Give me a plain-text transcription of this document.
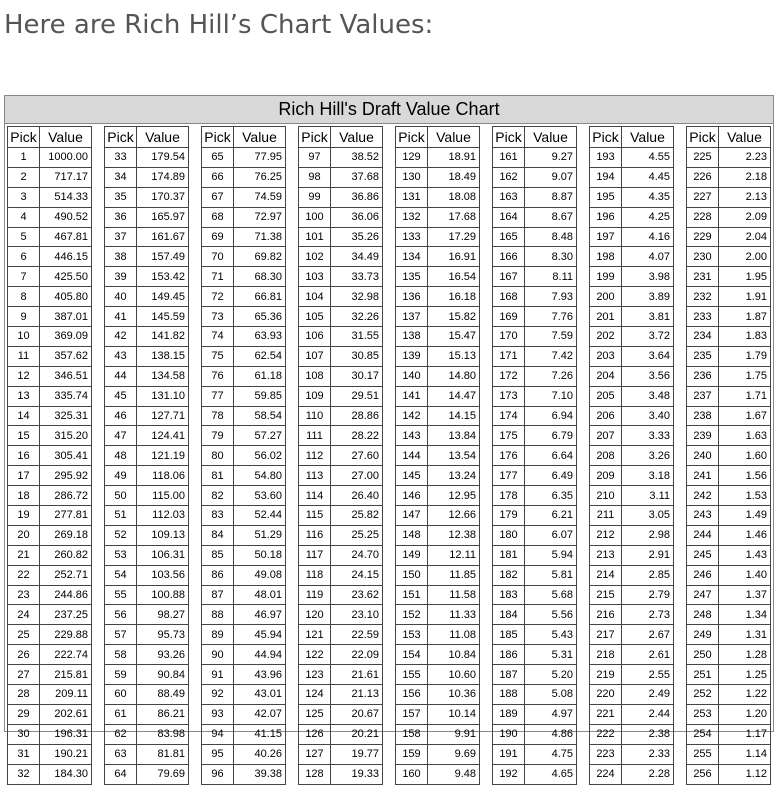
Here are Rich Hill’s Chart Values:
Rich Hill's Draft Value Chart
Pick	Value
1	1000.00
2	717.17
3	514.33
4	490.52
5	467.81
6	446.15
7	425.50
8	405.80
9	387.01
10	369.09
11	357.62
12	346.51
13	335.74
14	325.31
15	315.20
16	305.41
17	295.92
18	286.72
19	277.81
20	269.18
21	260.82
22	252.71
23	244.86
24	237.25
25	229.88
26	222.74
27	215.81
28	209.11
29	202.61
30	196.31
31	190.21
32	184.30
Pick	Value
33	179.54
34	174.89
35	170.37
36	165.97
37	161.67
38	157.49
39	153.42
40	149.45
41	145.59
42	141.82
43	138.15
44	134.58
45	131.10
46	127.71
47	124.41
48	121.19
49	118.06
50	115.00
51	112.03
52	109.13
53	106.31
54	103.56
55	100.88
56	98.27
57	95.73
58	93.26
59	90.84
60	88.49
61	86.21
62	83.98
63	81.81
64	79.69
Pick	Value
65	77.95
66	76.25
67	74.59
68	72.97
69	71.38
70	69.82
71	68.30
72	66.81
73	65.36
74	63.93
75	62.54
76	61.18
77	59.85
78	58.54
79	57.27
80	56.02
81	54.80
82	53.60
83	52.44
84	51.29
85	50.18
86	49.08
87	48.01
88	46.97
89	45.94
90	44.94
91	43.96
92	43.01
93	42.07
94	41.15
95	40.26
96	39.38
Pick	Value
97	38.52
98	37.68
99	36.86
100	36.06
101	35.26
102	34.49
103	33.73
104	32.98
105	32.26
106	31.55
107	30.85
108	30.17
109	29.51
110	28.86
111	28.22
112	27.60
113	27.00
114	26.40
115	25.82
116	25.25
117	24.70
118	24.15
119	23.62
120	23.10
121	22.59
122	22.09
123	21.61
124	21.13
125	20.67
126	20.21
127	19.77
128	19.33
Pick	Value
129	18.91
130	18.49
131	18.08
132	17.68
133	17.29
134	16.91
135	16.54
136	16.18
137	15.82
138	15.47
139	15.13
140	14.80
141	14.47
142	14.15
143	13.84
144	13.54
145	13.24
146	12.95
147	12.66
148	12.38
149	12.11
150	11.85
151	11.58
152	11.33
153	11.08
154	10.84
155	10.60
156	10.36
157	10.14
158	9.91
159	9.69
160	9.48
Pick	Value
161	9.27
162	9.07
163	8.87
164	8.67
165	8.48
166	8.30
167	8.11
168	7.93
169	7.76
170	7.59
171	7.42
172	7.26
173	7.10
174	6.94
175	6.79
176	6.64
177	6.49
178	6.35
179	6.21
180	6.07
181	5.94
182	5.81
183	5.68
184	5.56
185	5.43
186	5.31
187	5.20
188	5.08
189	4.97
190	4.86
191	4.75
192	4.65
Pick	Value
193	4.55
194	4.45
195	4.35
196	4.25
197	4.16
198	4.07
199	3.98
200	3.89
201	3.81
202	3.72
203	3.64
204	3.56
205	3.48
206	3.40
207	3.33
208	3.26
209	3.18
210	3.11
211	3.05
212	2.98
213	2.91
214	2.85
215	2.79
216	2.73
217	2.67
218	2.61
219	2.55
220	2.49
221	2.44
222	2.38
223	2.33
224	2.28
Pick	Value
225	2.23
226	2.18
227	2.13
228	2.09
229	2.04
230	2.00
231	1.95
232	1.91
233	1.87
234	1.83
235	1.79
236	1.75
237	1.71
238	1.67
239	1.63
240	1.60
241	1.56
242	1.53
243	1.49
244	1.46
245	1.43
246	1.40
247	1.37
248	1.34
249	1.31
250	1.28
251	1.25
252	1.22
253	1.20
254	1.17
255	1.14
256	1.12
